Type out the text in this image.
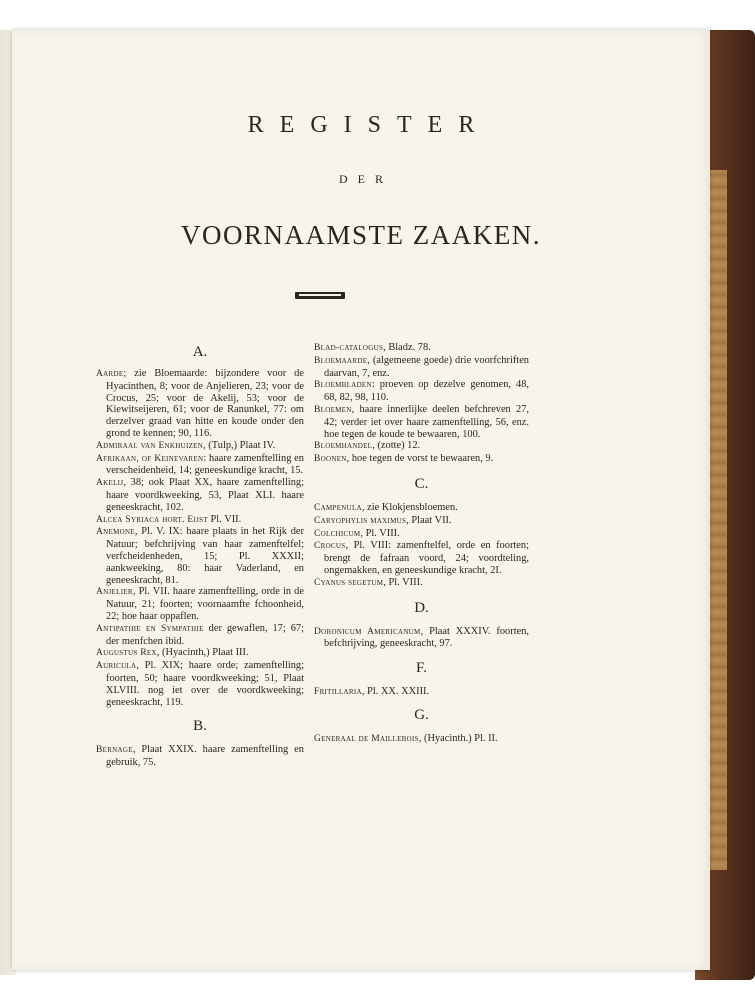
REGISTER
DER
VOORNAAMSTE ZAAKEN.

A.

Aarde; zie Bloemaarde: bijzondere voor de Hyacinthen, 8; voor de Anjelieren, 23; voor de Crocus, 25; voor de Akelij, 53; voor de Kiewitseijeren, 61; voor de Ranunkel, 77: om derzelver graad van hitte en koude onder den grond te kennen; 90, 116.

Admiraal van Enkhuizen, (Tulp,) Plaat IV.

Afrikaan, of Keinevaren: haare zamenftelling en verscheidenheid, 14; geneeskundige kracht, 15.

Akelij, 38; ook Plaat XX, haare zamenftelling; haare voordkweeking, 53, Plaat XLI. haare geneeskracht, 102.

Alcea Syriaca hort. Eijst Pl. VII.

Anemone, Pl. V. IX: haare plaats in het Rijk der Natuur; befchrijving van haar zamenftelfel; verfcheidenheden, 15; Pl. XXXII; aankweeking, 80: haar Vaderland, en geneeskracht, 81.

Anjelier, Pl. VII. haare zamenftelling, orde in de Natuur, 21; foorten; voornaamfte fchoonheid, 22; hoe haar oppaflen.

Antipathie en Sympathie der gewaflen, 17; 67; der menfchen ibid.

Augustus Rex, (Hyacinth,) Plaat III.

Auricula, Pl. XIX; haare orde; zamenftelling; foorten, 50; haare voordkweeking; 51, Plaat XLVIII. nog iet over de voordkweeking; geneeskracht, 119.

B.

Bernage, Plaat XXIX. haare zamenftelling en gebruik, 75.

Blad-catalogus, Bladz. 78.

Bloemaarde, (algemeene goede) drie voorfchriften daarvan, 7, enz.

Bloembladen: proeven op dezelve genomen, 48, 68, 82, 98, 110.

Bloemen, haare innerlijke deelen befchreven 27, 42; verder iet over haare zamenftelling, 56, enz. hoe tegen de koude te bewaaren, 100.

Bloemhandel, (zotte) 12.

Boonen, hoe tegen de vorst te bewaaren, 9.

C.

Campenula, zie Klokjensbloemen.

Caryophylis maximus, Plaat VII.

Colchicum, Pl. VIII.

Crocus, Pl. VIII: zamenftelfel, orde en foorten; brengt de fafraan voord, 24; voordteling, ongemakken, en geneeskundige kracht, 2I.

Cyanus segetum, Pl. VIII.

D.

Doronicum Americanum, Plaat XXXIV. foorten, befchrijving, geneeskracht, 97.

F.

Fritillaria, Pl. XX. XXIII.

G.

Generaal de Maillebois, (Hyacinth.) Pl. II.
